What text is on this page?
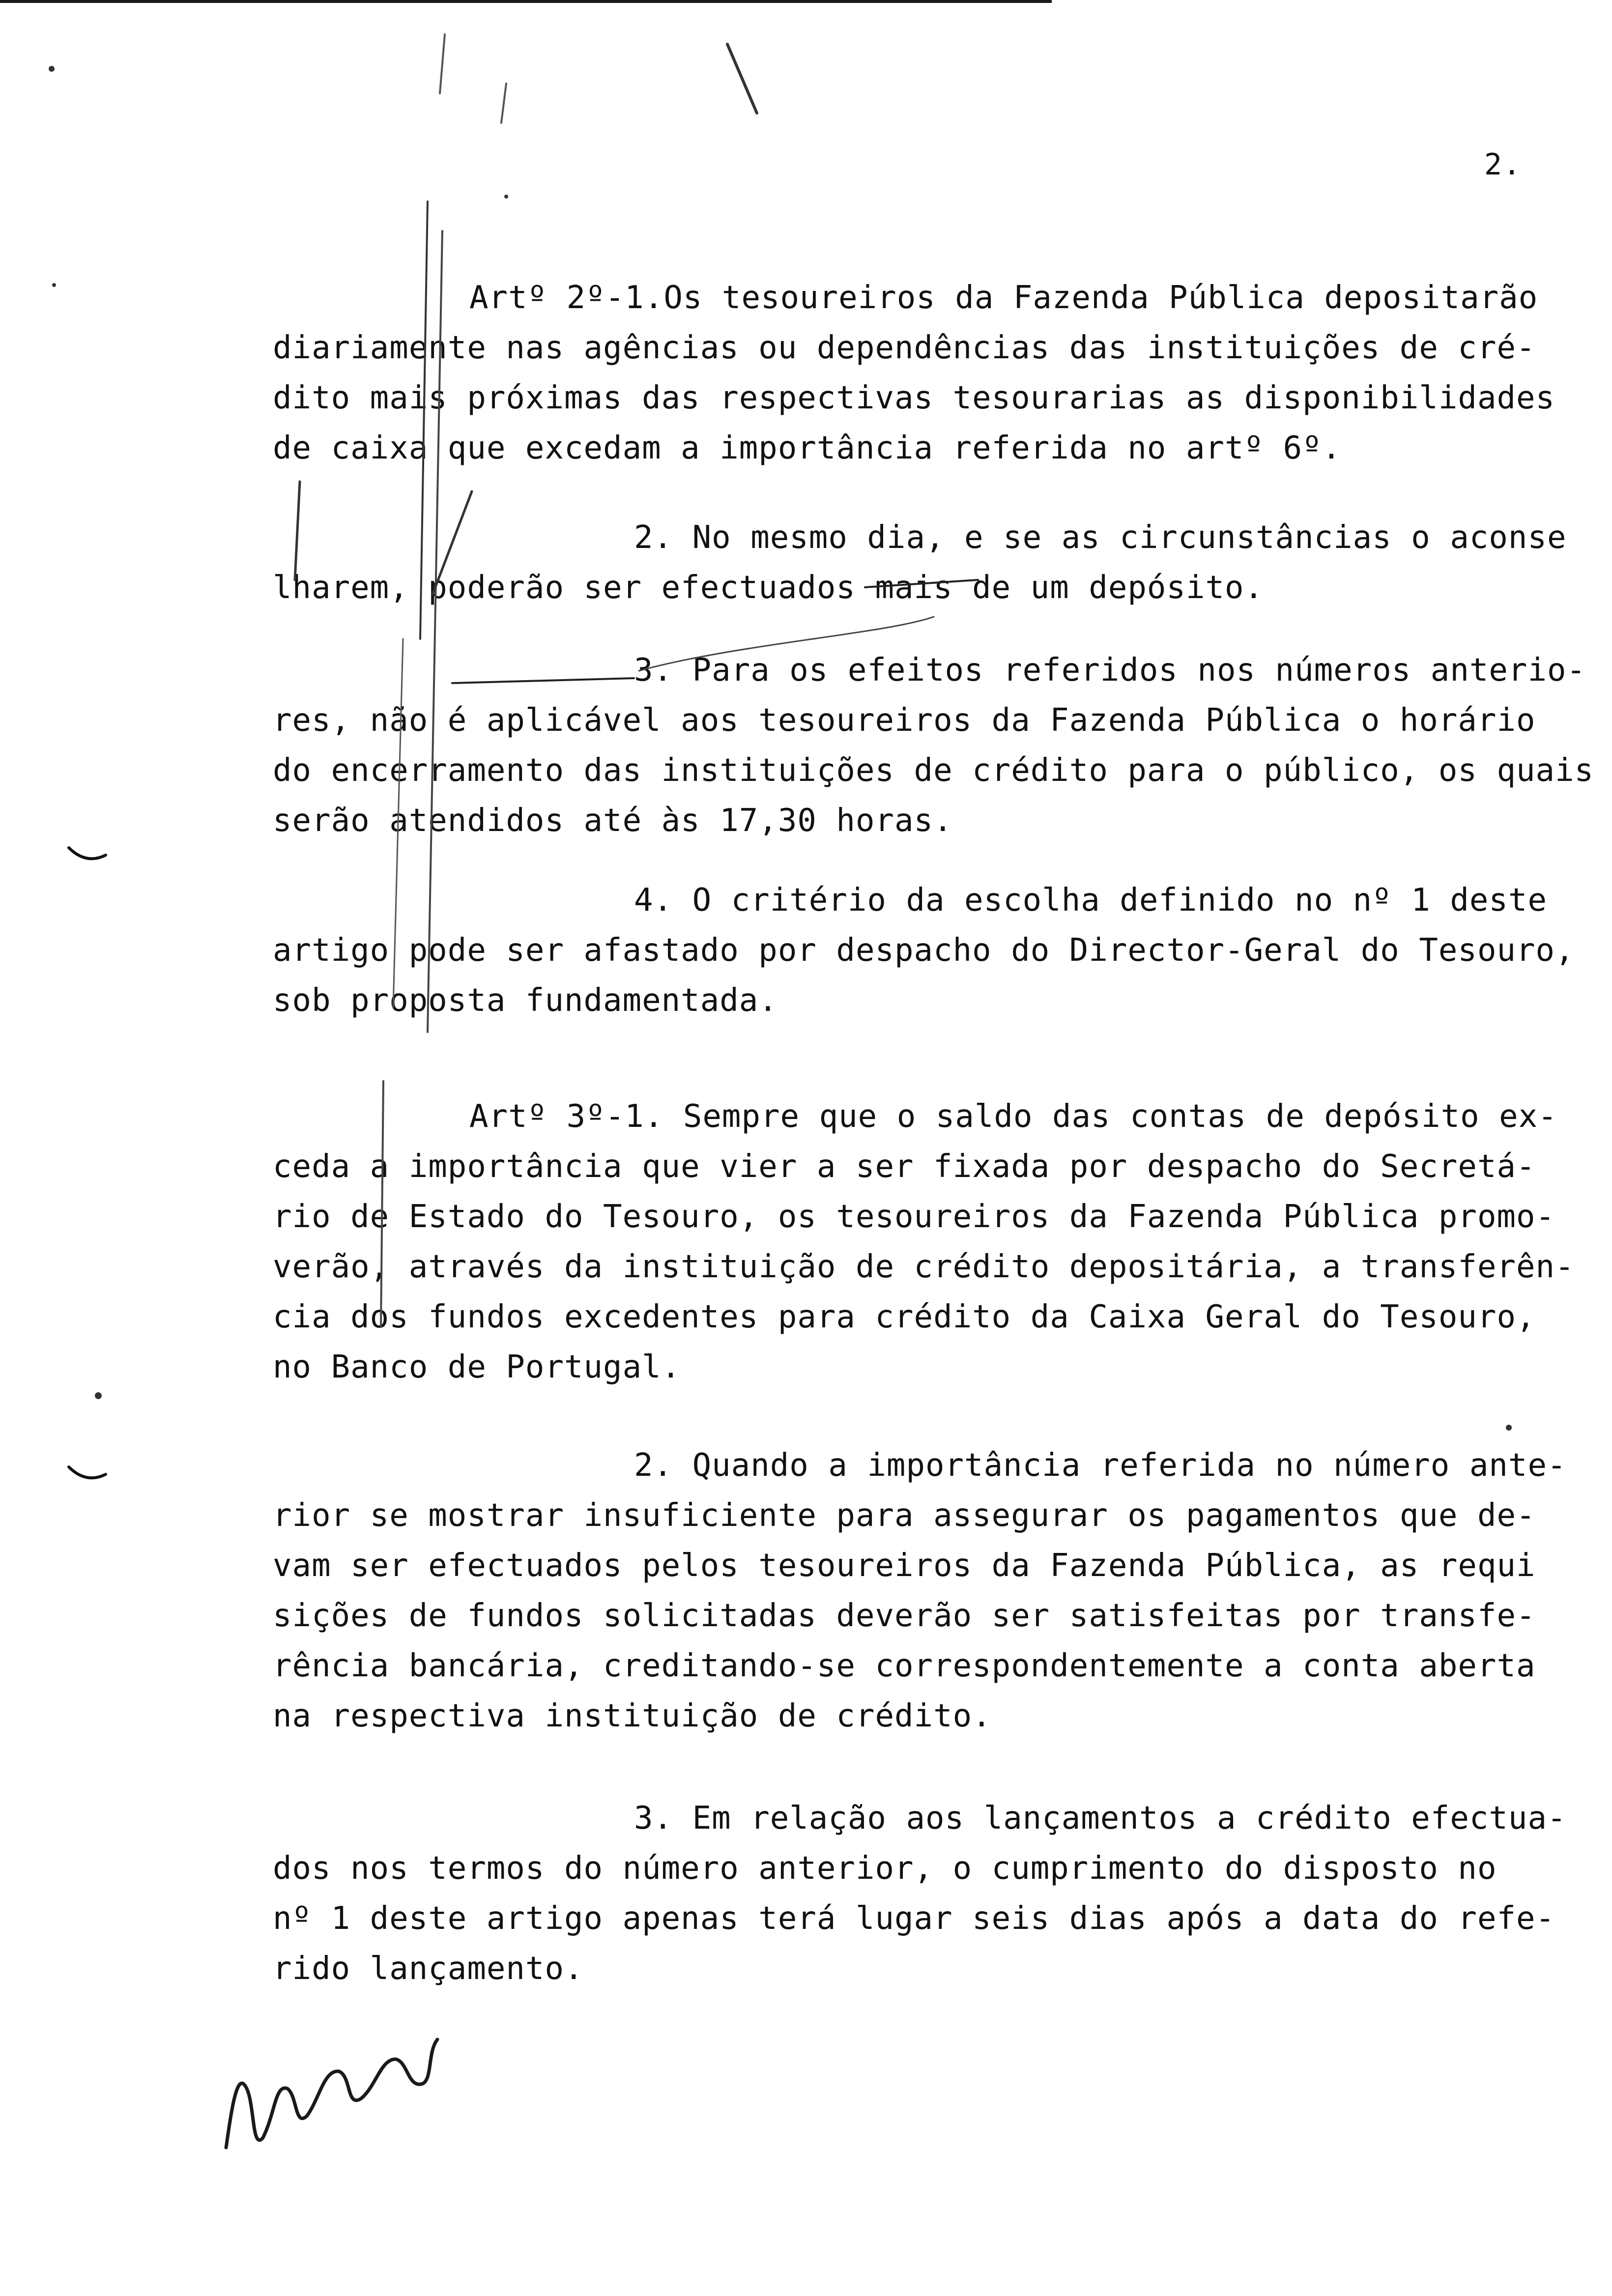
2.
Artº 2º-1.Os tesoureiros da Fazenda Pública depositarão
diariamente nas agências ou dependências das instituições de cré-
dito mais próximas das respectivas tesourarias as disponibilidades
de caixa que excedam a importância referida no artº 6º.
2. No mesmo dia, e se as circunstâncias o aconse
lharem, poderão ser efectuados mais de um depósito.
3. Para os efeitos referidos nos números anterio-
res, não é aplicável aos tesoureiros da Fazenda Pública o horário
do encerramento das instituições de crédito para o público, os quais
serão atendidos até às 17,30 horas.
4. O critério da escolha definido no nº 1 deste
artigo pode ser afastado por despacho do Director-Geral do Tesouro,
sob proposta fundamentada.
Artº 3º-1. Sempre que o saldo das contas de depósito ex-
ceda a importância que vier a ser fixada por despacho do Secretá-
rio de Estado do Tesouro, os tesoureiros da Fazenda Pública promo-
verão, através da instituição de crédito depositária, a transferên-
cia dos fundos excedentes para crédito da Caixa Geral do Tesouro,
no Banco de Portugal.
2. Quando a importância referida no número ante-
rior se mostrar insuficiente para assegurar os pagamentos que de-
vam ser efectuados pelos tesoureiros da Fazenda Pública, as requi
sições de fundos solicitadas deverão ser satisfeitas por transfe-
rência bancária, creditando-se correspondentemente a conta aberta
na respectiva instituição de crédito.
3. Em relação aos lançamentos a crédito efectua-
dos nos termos do número anterior, o cumprimento do disposto no
nº 1 deste artigo apenas terá lugar seis dias após a data do refe-
rido lançamento.
